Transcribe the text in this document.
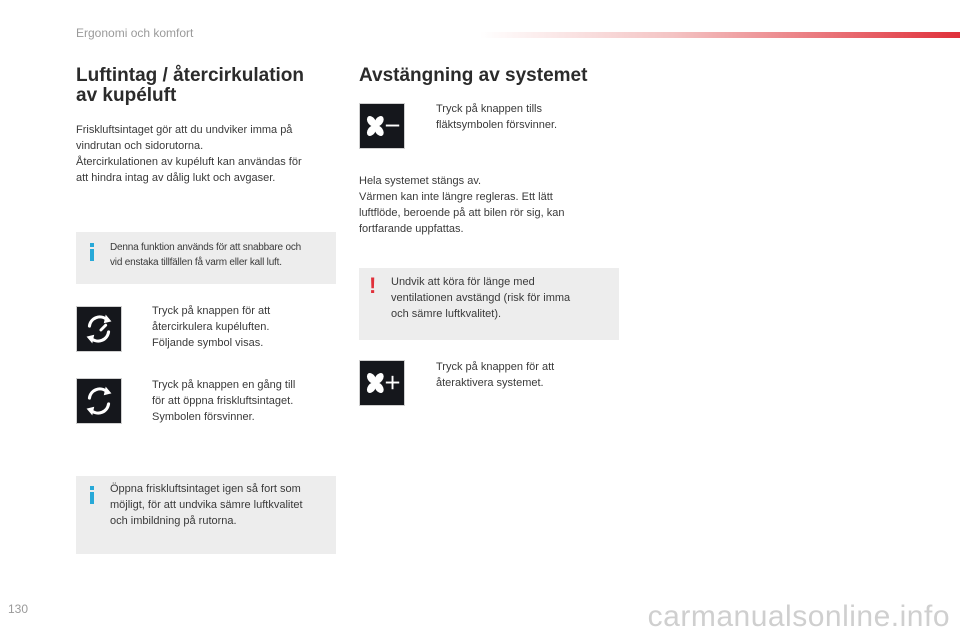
Ergonomi och komfort
Luftintag / återcirkulation
av kupéluft
Friskluftsintaget gör att du undviker imma på
vindrutan och sidorutorna.
Återcirkulationen av kupéluft kan användas för
att hindra intag av dålig lukt och avgaser.
Denna funktion används för att snabbare och
vid enstaka tillfällen få varm eller kall luft.
Tryck på knappen för att
återcirkulera kupéluften.
Följande symbol visas.
Tryck på knappen en gång till
för att öppna friskluftsintaget.
Symbolen försvinner.
Öppna friskluftsintaget igen så fort som
möjligt, för att undvika sämre luftkvalitet
och imbildning på rutorna.
Avstängning av systemet
Tryck på knappen tills
fläktsymbolen försvinner.
Hela systemet stängs av.
Värmen kan inte längre regleras. Ett lätt
luftflöde, beroende på att bilen rör sig, kan
fortfarande uppfattas.
! Undvik att köra för länge med
ventilationen avstängd (risk för imma
och sämre luftkvalitet).
Tryck på knappen för att
återaktivera systemet.
130	carmanualsonline.info
